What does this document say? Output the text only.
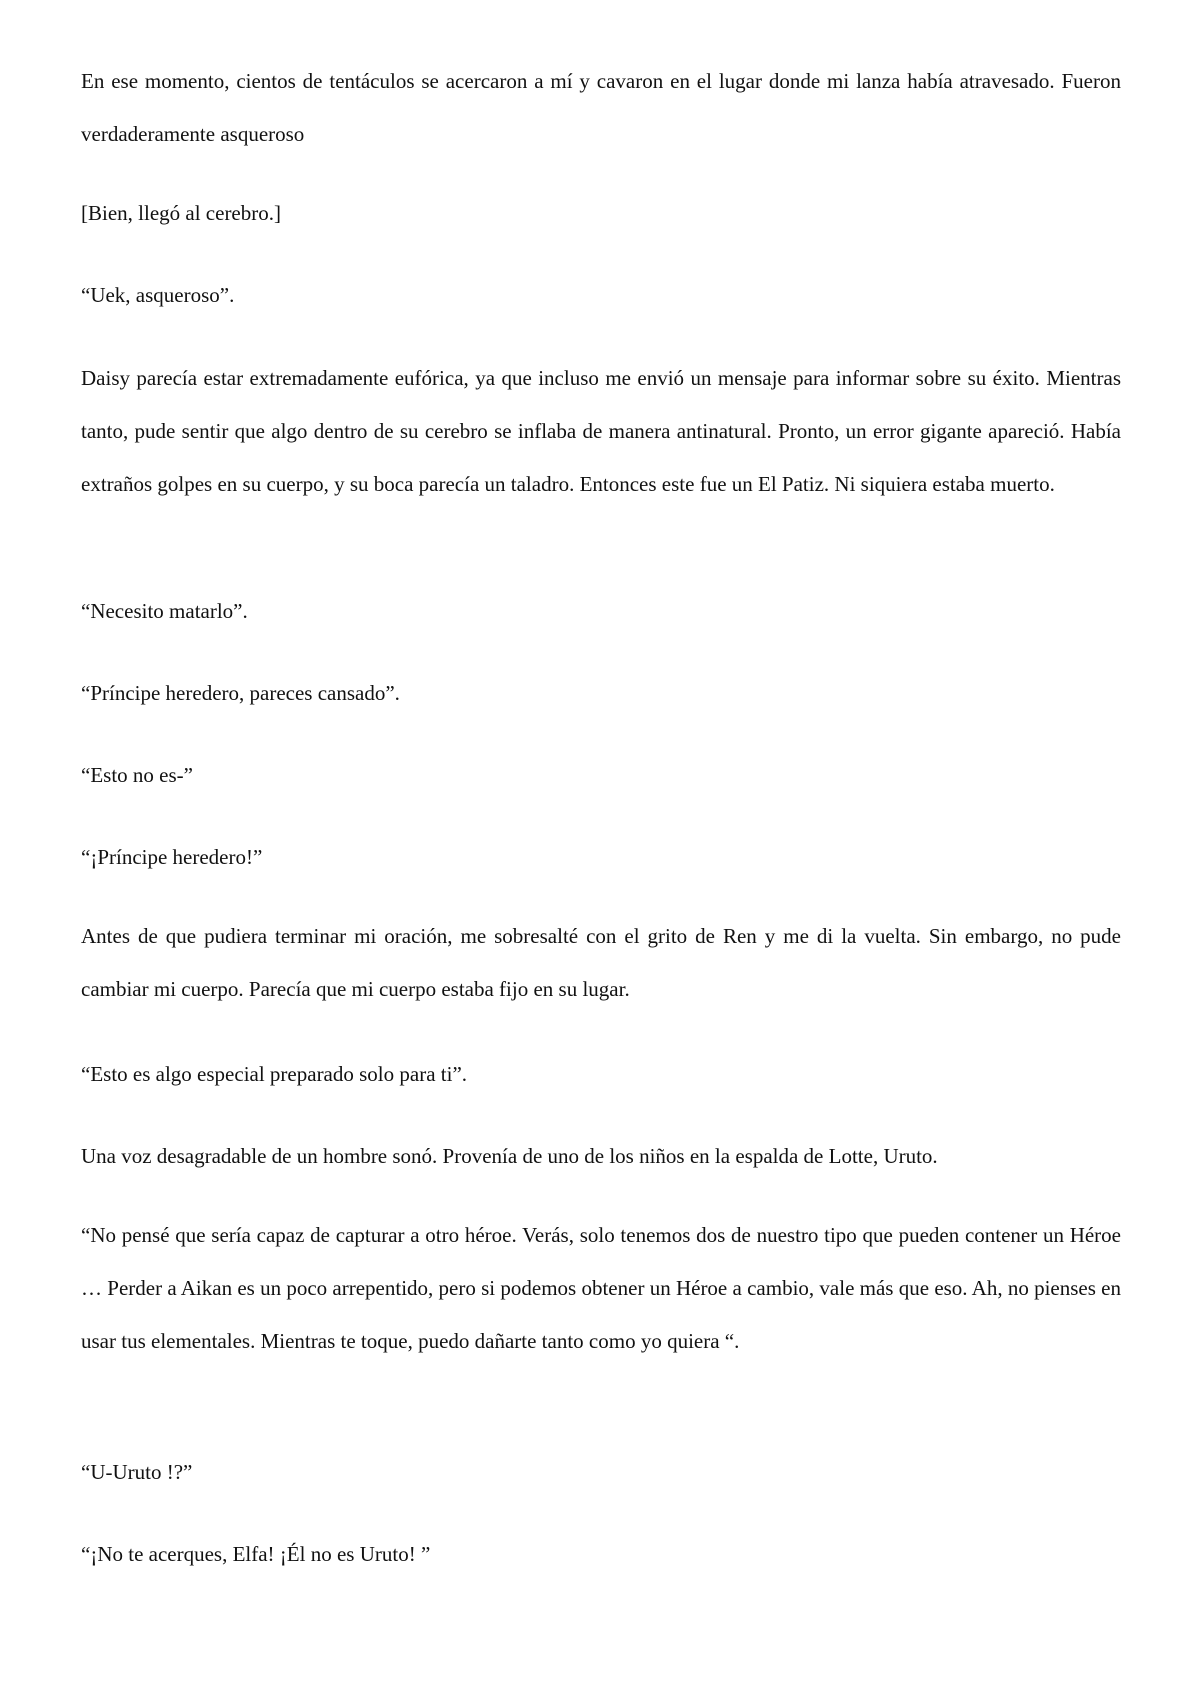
En ese momento, cientos de tentáculos se acercaron a mí y cavaron en el lugar donde mi lanza había atravesado. Fueron verdaderamente asqueroso

[Bien, llegó al cerebro.]

“Uek, asqueroso”.

Daisy parecía estar extremadamente eufórica, ya que incluso me envió un mensaje para informar sobre su éxito. Mientras tanto, pude sentir que algo dentro de su cerebro se inflaba de manera antinatural. Pronto, un error gigante apareció. Había extraños golpes en su cuerpo, y su boca parecía un taladro. Entonces este fue un El Patiz. Ni siquiera estaba muerto.

“Necesito matarlo”.

“Príncipe heredero, pareces cansado”.

“Esto no es-”

“¡Príncipe heredero!”

Antes de que pudiera terminar mi oración, me sobresalté con el grito de Ren y me di la vuelta. Sin embargo, no pude cambiar mi cuerpo. Parecía que mi cuerpo estaba fijo en su lugar.

“Esto es algo especial preparado solo para ti”.

Una voz desagradable de un hombre sonó. Provenía de uno de los niños en la espalda de Lotte, Uruto.

“No pensé que sería capaz de capturar a otro héroe. Verás, solo tenemos dos de nuestro tipo que pueden contener un Héroe … Perder a Aikan es un poco arrepentido, pero si podemos obtener un Héroe a cambio, vale más que eso. Ah, no pienses en usar tus elementales. Mientras te toque, puedo dañarte tanto como yo quiera “.

“U-Uruto !?”

“¡No te acerques, Elfa! ¡Él no es Uruto! ”
